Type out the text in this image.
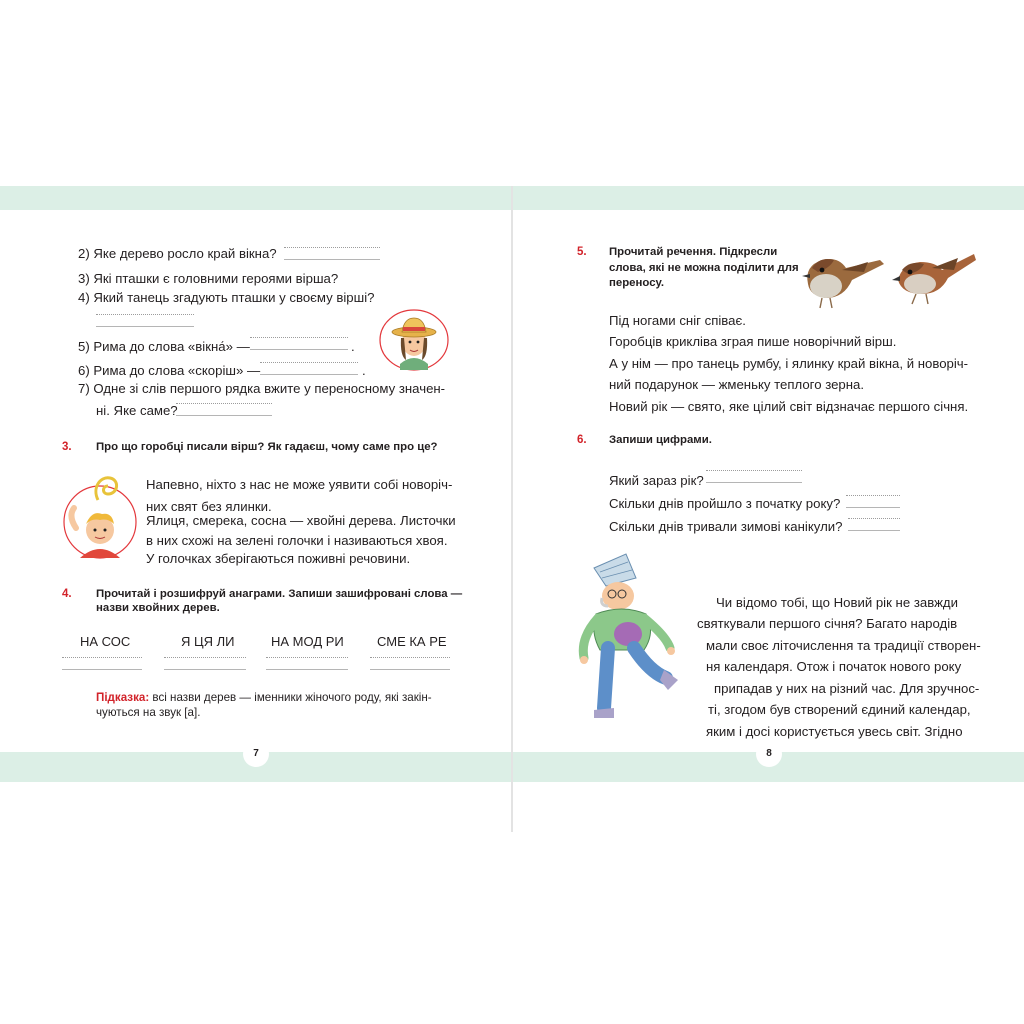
7	8
2) Яке дерево росло край вікна?
3) Які пташки є головними героями вірша?
4) Який танець згадують пташки у своєму вірші?
5) Рима до слова «вікна́» —	.
6) Рима до слова «скоріш» —	.
7) Одне зі слів першого рядка вжите у переносному значен-
ні. Яке саме?
3. Про що горобці писали вірш? Як гадаєш, чому саме про це?
Напевно, ніхто з нас не може уявити собі новоріч-
них свят без ялинки.
Ялиця, смерека, сосна — хвойні дерева. Листочки
в них схожі на зелені голочки і називаються хвоя.
У голочках зберігаються поживні речовини.
4. Прочитай і розшифруй анаграми. Запиши зашифровані слова —
назви хвойних дерев.
НА СОС	Я ЦЯ ЛИ	НА МОД РИ	СМЕ КА РЕ
Підказка: всі назви дерев — іменники жіночого роду, які закін-
чуються на звук [а].
5. Прочитай речення. Підкресли
слова, які не можна поділити для
переносу.
Під ногами сніг співає.
Горобців крикліва зграя пише новорічний вірш.
А у нім — про танець румбу, і ялинку край вікна, й новоріч-
ний подарунок — жменьку теплого зерна.
Новий рік — свято, яке цілий світ відзначає першого січня.
6. Запиши цифрами.
Який зараз рік?
Скільки днів пройшло з початку року?
Скільки днів тривали зимові канікули?
Чи відомо тобі, що Новий рік не завжди
святкували першого січня? Багато народів
мали своє літочислення та традиції створен-
ня календаря. Отож і початок нового року
припадав у них на різний час. Для зручнос-
ті, згодом був створений єдиний календар,
яким і досі користується увесь світ. Згідно
